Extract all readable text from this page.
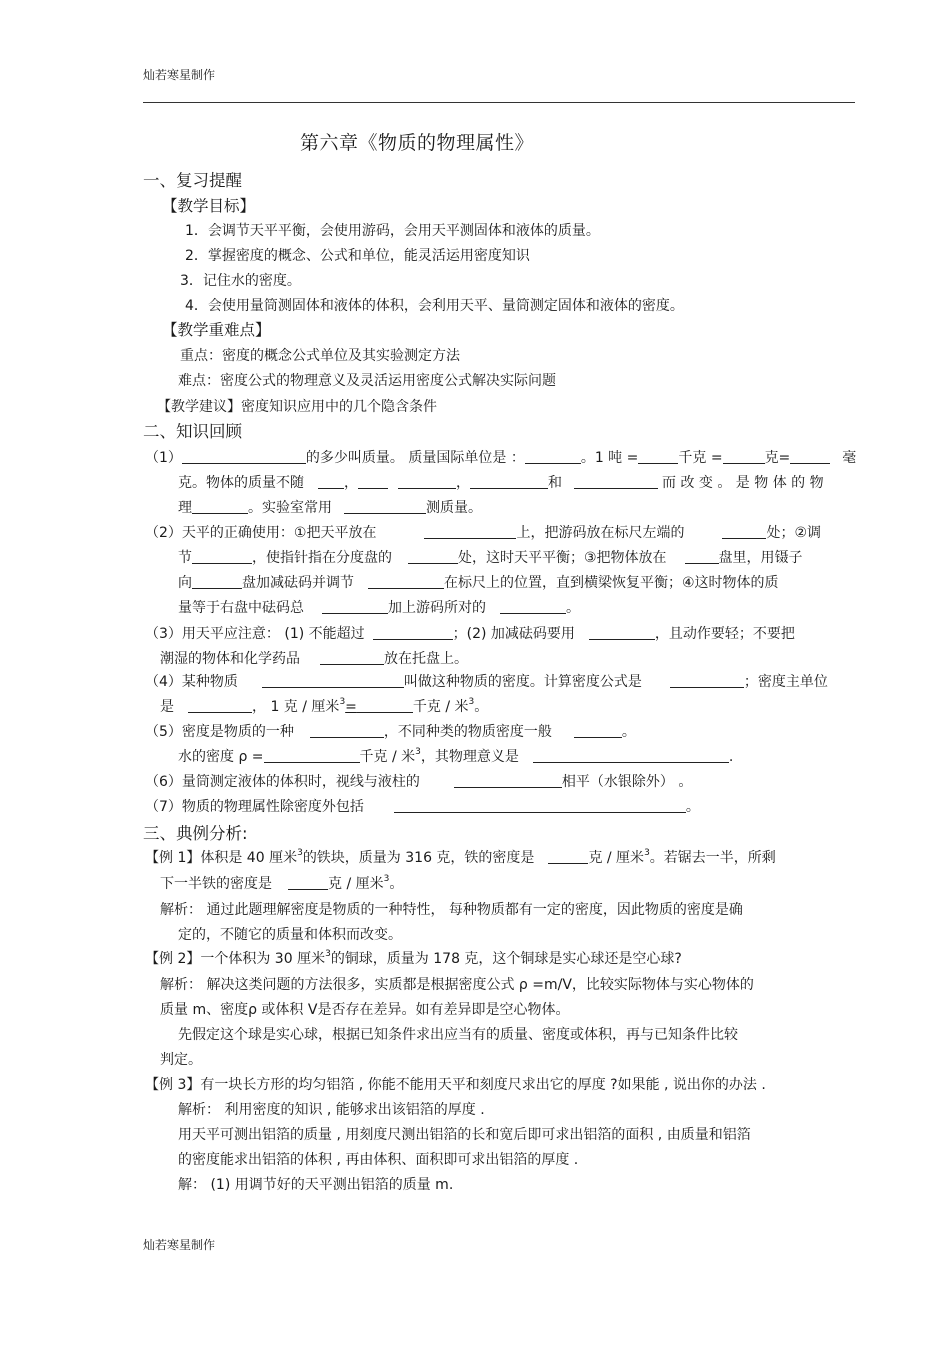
灿若寒星制作
第六章《物质的物理属性》
一、复习提醒
【教学目标】
1．会调节天平平衡，会使用游码，会用天平测固体和液体的质量。
2．掌握密度的概念、公式和单位，能灵活运用密度知识
3．记住水的密度。
4．会使用量筒测固体和液体的体积，会利用天平、量筒测定固体和液体的密度。
【教学重难点】
重点：密度的概念公式单位及其实验测定方法
难点：密度公式的物理意义及灵活运用密度公式解决实际问题
【教学建议】密度知识应用中的几个隐含条件
二、知识回顾
（1）	的多少叫质量。 质量国际单位是 ：	。1 吨 =	千克 =	克=	毫
克。物体的质量不随	，	，	和	而 改 变 。 是 物 体 的 物
理	。实验室常用	测质量。
（2）天平的正确使用：①把天平放在	上，把游码放在标尺左端的	处；②调
节	，使指针指在分度盘的	处，这时天平平衡；③把物体放在	盘里，用镊子
向	盘加减砝码并调节	在标尺上的位置，直到横梁恢复平衡；④这时物体的质
量等于右盘中砝码总	加上游码所对的	。
（3）用天平应注意： (1) 不能超过	；(2) 加减砝码要用	，且动作要轻；不要把
潮湿的物体和化学药品	放在托盘上。
（4）某种物质	叫做这种物质的密度。计算密度公式是	；密度主单位
是	， 1 克 / 厘米$^3$=	千克 / 米$^3$。
（5）密度是物质的一种	，不同种类的物质密度一般	。
水的密度 ρ =	千克 / 米$^3$，其物理意义是	.
（6）量筒测定液体的体积时，视线与液柱的	相平（水银除外） 。
（7）物质的物理属性除密度外包括	。
三、典例分析:
【例 1】体积是 40 厘米$^3$的铁块，质量为 316 克，铁的密度是	克 / 厘米$^3$。若锯去一半，所剩
下一半铁的密度是	克 / 厘米$^3$。
解析： 通过此题理解密度是物质的一种特性， 每种物质都有一定的密度，因此物质的密度是确
定的，不随它的质量和体积而改变。
【例 2】一个体积为 30 厘米$^3$的铜球，质量为 178 克，这个铜球是实心球还是空心球?
解析： 解决这类问题的方法很多，实质都是根据密度公式 ρ =m/V，比较实际物体与实心物体的
质量 m、密度ρ 或体积 V是否存在差异。如有差异即是空心物体。
先假定这个球是实心球，根据已知条件求出应当有的质量、密度或体积，再与已知条件比较
判定。
【例 3】有一块长方形的均匀铝箔 , 你能不能用天平和刻度尺求出它的厚度 ?如果能 , 说出你的办法 .
解析： 利用密度的知识 , 能够求出该铝箔的厚度 .
用天平可测出铝箔的质量 , 用刻度尺测出铝箔的长和宽后即可求出铝箔的面积 , 由质量和铝箔
的密度能求出铝箔的体积 , 再由体积、面积即可求出铝箔的厚度 .
解： (1) 用调节好的天平测出铝箔的质量 m.
灿若寒星制作
